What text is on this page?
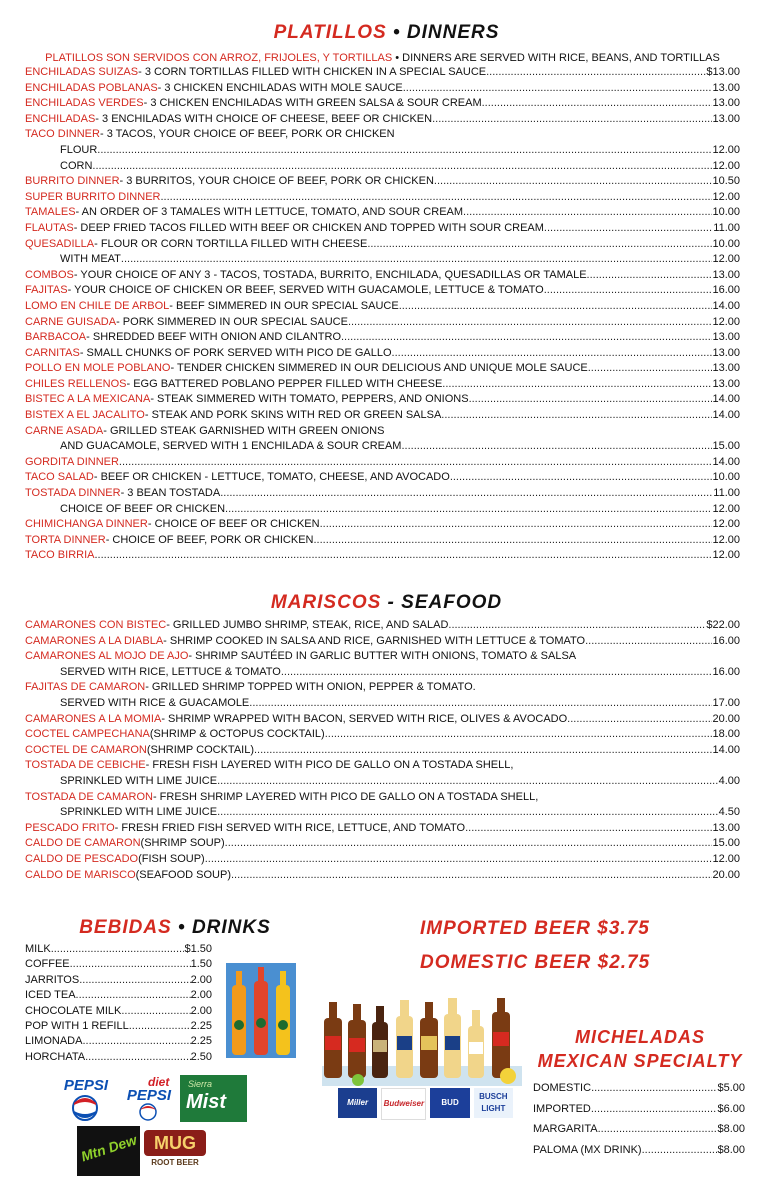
PLATILLOS • DINNERS
PLATILLOS SON SERVIDOS CON ARROZ, FRIJOLES, Y TORTILLAS • DINNERS ARE SERVED WITH RICE, BEANS, AND TORTILLAS
ENCHILADAS SUIZAS - 3 CORN TORTILLAS FILLED WITH CHICKEN IN A SPECIAL SAUCE .....	$13.00
ENCHILADAS POBLANAS - 3 CHICKEN ENCHILADAS WITH MOLE SAUCE .....	13.00
ENCHILADAS VERDES - 3 CHICKEN ENCHILADAS WITH GREEN SALSA & SOUR CREAM .....	13.00
ENCHILADAS - 3 ENCHILADAS WITH CHOICE OF CHEESE, BEEF OR CHICKEN .....	13.00
TACO DINNER - 3 TACOS, YOUR CHOICE OF BEEF, PORK OR CHICKEN
FLOUR .....	12.00
CORN .....	12.00
BURRITO DINNER - 3 BURRITOS, YOUR CHOICE OF BEEF, PORK OR CHICKEN .....	10.50
SUPER BURRITO DINNER .....	12.00
TAMALES - AN ORDER OF 3 TAMALES WITH LETTUCE, TOMATO, AND SOUR CREAM .....	10.00
FLAUTAS - DEEP FRIED TACOS FILLED WITH BEEF OR CHICKEN AND TOPPED WITH SOUR CREAM .....	11.00
QUESADILLA - FLOUR OR CORN TORTILLA FILLED WITH CHEESE .....	10.00
WITH MEAT .....	12.00
COMBOS - YOUR CHOICE OF ANY 3 - TACOS, TOSTADA, BURRITO, ENCHILADA, QUESADILLAS OR TAMALE .....	13.00
FAJITAS - YOUR CHOICE OF CHICKEN OR BEEF, SERVED WITH GUACAMOLE, LETTUCE & TOMATO .....	16.00
LOMO EN CHILE DE ARBOL - BEEF SIMMERED IN OUR SPECIAL SAUCE .....	14.00
CARNE GUISADA - PORK SIMMERED IN OUR SPECIAL SAUCE .....	12.00
BARBACOA - SHREDDED BEEF WITH ONION AND CILANTRO .....	13.00
CARNITAS - SMALL CHUNKS OF PORK SERVED WITH PICO DE GALLO .....	13.00
POLLO EN MOLE POBLANO - TENDER CHICKEN SIMMERED IN OUR DELICIOUS AND UNIQUE MOLE SAUCE .....	13.00
CHILES RELLENOS - EGG BATTERED POBLANO PEPPER FILLED WITH CHEESE .....	13.00
BISTEC A LA MEXICANA - STEAK SIMMERED WITH TOMATO, PEPPERS, AND ONIONS .....	14.00
BISTEX A EL JACALITO - STEAK AND PORK SKINS WITH RED OR GREEN SALSA .....	14.00
CARNE ASADA - GRILLED STEAK GARNISHED WITH GREEN ONIONS
AND GUACAMOLE, SERVED WITH 1 ENCHILADA & SOUR CREAM .....	15.00
GORDITA DINNER .....	14.00
TACO SALAD - BEEF OR CHICKEN - LETTUCE, TOMATO, CHEESE, AND AVOCADO .....	10.00
TOSTADA DINNER - 3 BEAN TOSTADA .....	11.00
CHOICE OF BEEF OR CHICKEN .....	12.00
CHIMICHANGA DINNER - CHOICE OF BEEF OR CHICKEN .....	12.00
TORTA DINNER - CHOICE OF BEEF, PORK OR CHICKEN .....	12.00
TACO BIRRIA .....	12.00
MARISCOS - SEAFOOD
CAMARONES CON BISTEC - GRILLED JUMBO SHRIMP, STEAK, RICE, AND SALAD .....	$22.00
CAMARONES A LA DIABLA - SHRIMP COOKED IN SALSA AND RICE, GARNISHED WITH LETTUCE & TOMATO .....	16.00
CAMARONES AL MOJO DE AJO - SHRIMP SAUTÉED IN GARLIC BUTTER WITH ONIONS, TOMATO & SALSA
SERVED WITH RICE, LETTUCE & TOMATO .....	16.00
FAJITAS DE CAMARON - GRILLED SHRIMP TOPPED WITH ONION, PEPPER & TOMATO.
SERVED WITH RICE & GUACAMOLE .....	17.00
CAMARONES A LA MOMIA - SHRIMP WRAPPED WITH BACON, SERVED WITH RICE, OLIVES & AVOCADO .....	20.00
COCTEL CAMPECHANA (SHRIMP & OCTOPUS COCKTAIL) .....	18.00
COCTEL DE CAMARON (SHRIMP COCKTAIL) .....	14.00
TOSTADA DE CEBICHE - FRESH FISH LAYERED WITH PICO DE GALLO ON A TOSTADA SHELL,
SPRINKLED WITH LIME JUICE .....	4.00
TOSTADA DE CAMARON - FRESH SHRIMP LAYERED WITH PICO DE GALLO ON A TOSTADA SHELL,
SPRINKLED WITH LIME JUICE .....	4.50
PESCADO FRITO - FRESH FRIED FISH SERVED WITH RICE, LETTUCE, AND TOMATO .....	13.00
CALDO DE CAMARON (SHRIMP SOUP) .....	15.00
CALDO DE PESCADO (FISH SOUP) .....	12.00
CALDO DE MARISCO (SEAFOOD SOUP) .....	20.00
BEBIDAS • DRINKS
MILK .....	$1.50
COFFEE .....	1.50
JARRITOS .....	2.00
ICED TEA .....	2.00
CHOCOLATE MILK .....	2.00
POP WITH 1 REFILL .....	2.25
LIMONADA .....	2.25
HORCHATA .....	2.50
PEPSI	diet
PEPSI
Sierra
Mist
Mtn Dew MUG
ROOT BEER
IMPORTED BEER $3.75
DOMESTIC BEER $2.75
Miller	Budweiser	BUD LIGHT
BUSCH
LIGHT
MICHELADAS
MEXICAN SPECIALTY
DOMESTIC .....	$5.00
IMPORTED .....	$6.00
MARGARITA .....	$8.00
PALOMA (MX DRINK) .....	$8.00
